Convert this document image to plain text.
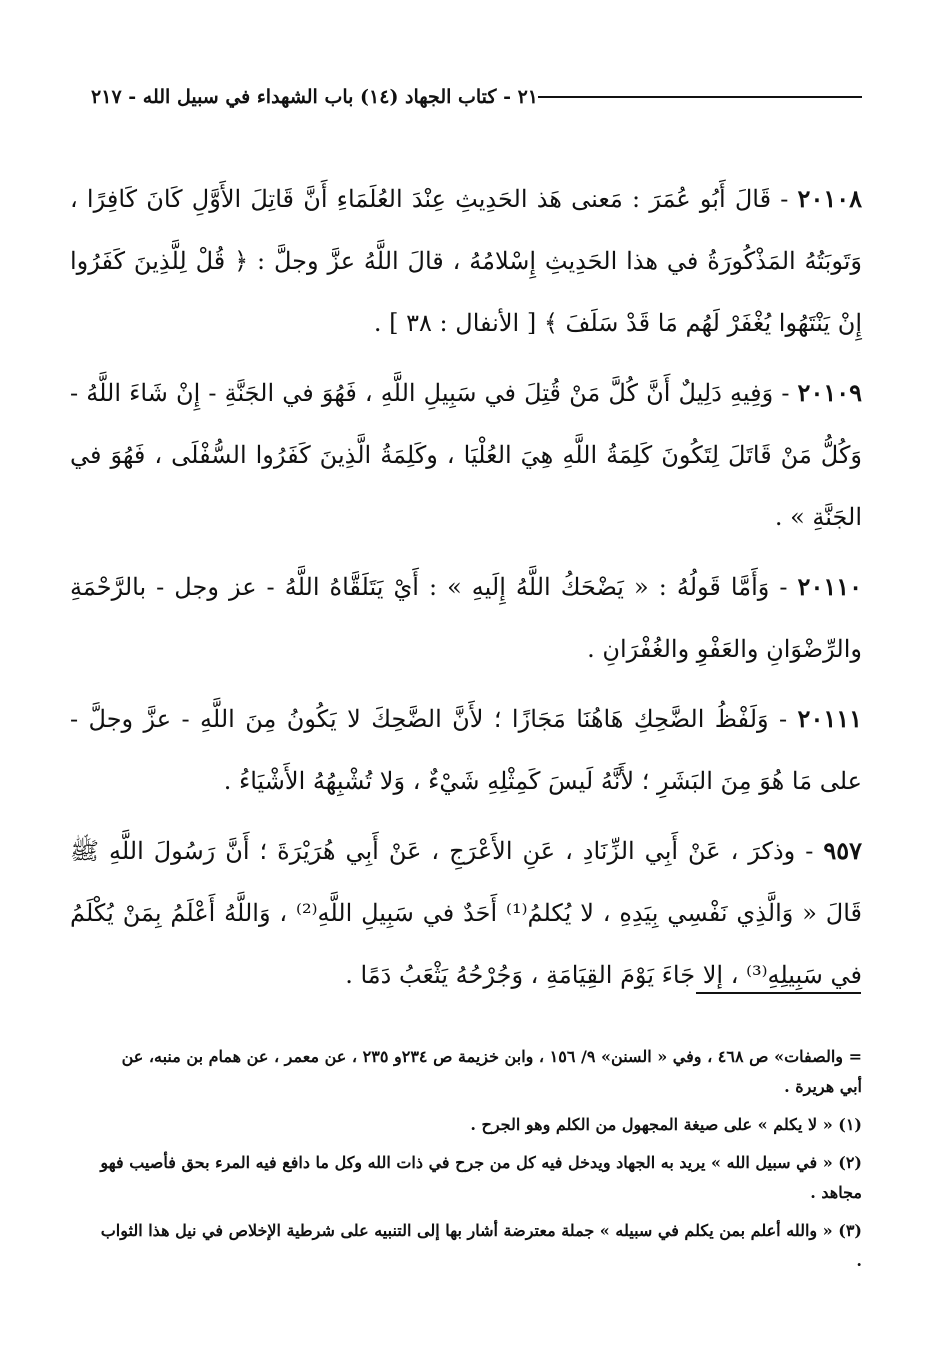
٢١ - كتاب الجهاد (١٤) باب الشهداء في سبيل الله - ٢١٧

٢٠١٠٨ - قَالَ أَبُو عُمَرَ : مَعنى هَذ الحَدِيثِ عِنْدَ العُلَمَاءِ أَنَّ قَاتِلَ الأَوَّلِ كَانَ كَافِرًا ، وَتَوبَتُهُ المَذْكُورَةُ في هذا الحَدِيثِ إِسْلامُهُ ، قالَ اللَّهُ عزَّ وجلَّ : ﴿ قُلْ لِلَّذِينَ كَفَرُوا إِنْ يَنْتَهُوا يُغْفَرْ لَهُم مَا قَدْ سَلَفَ ﴾ [ الأنفال : ٣٨ ] .

٢٠١٠٩ - وَفِيهِ دَلِيلٌ أَنَّ كُلَّ مَنْ قُتِلَ في سَبِيلِ اللَّهِ ، فَهُوَ في الجَنَّةِ - إِنْ شَاءَ اللَّهُ - وَكُلُّ مَنْ قَاتَلَ لِتَكُونَ كَلِمَةُ اللَّهِ هِيَ العُلْيَا ، وكَلِمَةُ الَّذِينَ كَفَرُوا السُّفْلَى ، فَهُوَ في الجَنَّةِ » .

٢٠١١٠ - وَأَمَّا قَولُهُ : « يَضْحَكُ اللَّهُ إِلَيهِ » : أَيْ يَتَلَقَّاهُ اللَّهُ - عز وجل - بالرَّحْمَةِ والرِّضْوَانِ والعَفْوِ والغُفْرَانِ .

٢٠١١١ - وَلَفْظُ الضَّحِكِ هَاهُنَا مَجَازًا ؛ لأَنَّ الضَّحِكَ لا يَكُونُ مِنَ اللَّهِ - عزَّ وجلَّ - على مَا هُوَ مِنَ البَشَرِ ؛ لأَنَّهُ لَيسَ كَمِثْلِهِ شَيْءٌ ، وَلا تُشْبِهُهُ الأَشْيَاءُ .

٩٥٧ - وذكرَ ، عَنْ أَبِي الزِّنَادِ ، عَنِ الأَعْرَجِ ، عَنْ أَبِي هُرَيْرَةَ ؛ أَنَّ رَسُولَ اللَّهِ ﷺ قَالَ « وَالَّذِي نَفْسِي بِيَدِهِ ، لا يُكلمُ⁽¹⁾ أَحَدٌ في سَبِيلِ اللَّهِ⁽²⁾ ، وَاللَّهُ أَعْلَمُ بِمَنْ يُكْلَمُ في سَبِيلِهِ⁽³⁾ ، إلا جَاءَ يَوْمَ القِيَامَةِ ، وَجُرْحُهُ يَثْعَبُ دَمًا .

= والصفات» ص ٤٦٨ ، وفي « السنن» ٩/ ١٥٦ ، وابن خزيمة ص ٢٣٤و ٢٣٥ ، عن معمر ، عن همام بن منبه، عن أبي هريرة .

(١) « لا يكلم » على صيغة المجهول من الكلم وهو الجرح .

(٢) « في سبيل الله » يريد به الجهاد ويدخل فيه كل من جرح في ذات الله وكل ما دافع فيه المرء بحق فأصيب فهو مجاهد .

(٣) « والله أعلم بمن يكلم في سبيله » جملة معترضة أشار بها إلى التنبيه على شرطية الإخلاص في نيل هذا الثواب .
